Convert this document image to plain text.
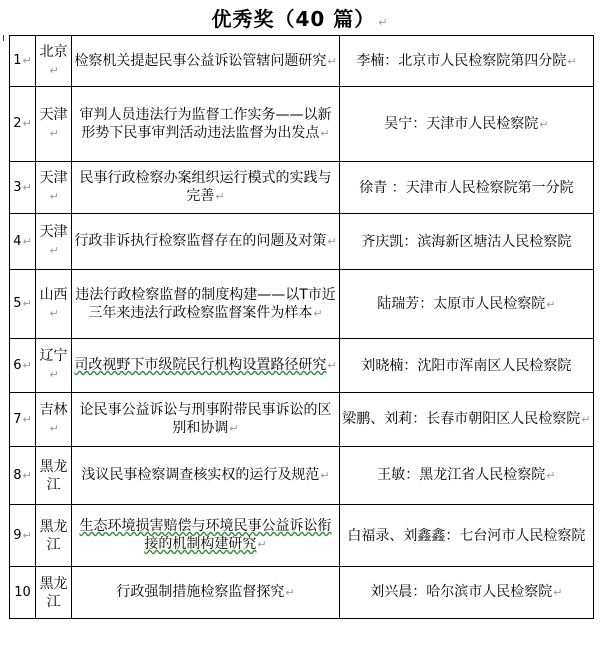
优秀奖（40 篇） ↵
1↵	北京↵	检察机关提起民事公益诉讼管辖问题研究↵	李楠：北京市人民检察院第四分院↵
2↵	天津↵	审判人员违法行为监督工作实务——以新形势下民事审判活动违法监督为出发点↵	吴宁：天津市人民检察院↵
3↵	天津↵	民事行政检察办案组织运行模式的实践与完善↵	徐青 ：天津市人民检察院第一分院
4↵	天津↵	行政非诉执行检察监督存在的问题及对策↵	齐庆凯：滨海新区塘沽人民检察院
5↵	山西↵	违法行政检察监督的制度构建——以T市近三年来违法行政检察监督案件为样本↵	陆瑞芳：太原市人民检察院↵
6↵	辽宁↵	司改视野下市级院民行机构设置路径研究↵	刘晓楠：沈阳市浑南区人民检察院
7↵	吉林↵	论民事公益诉讼与刑事附带民事诉讼的区别和协调↵	梁鹏、刘莉：长春市朝阳区人民检察院↵
8↵	黑龙江	浅议民事检察调查核实权的运行及规范↵	王敏：黑龙江省人民检察院↵
9↵	黑龙江	生态环境损害赔偿与环境民事公益诉讼衔接的机制构建研究↵	白福录、刘鑫鑫：七台河市人民检察院
10	黑龙江	行政强制措施检察监督探究↵	刘兴晨：哈尔滨市人民检察院↵
